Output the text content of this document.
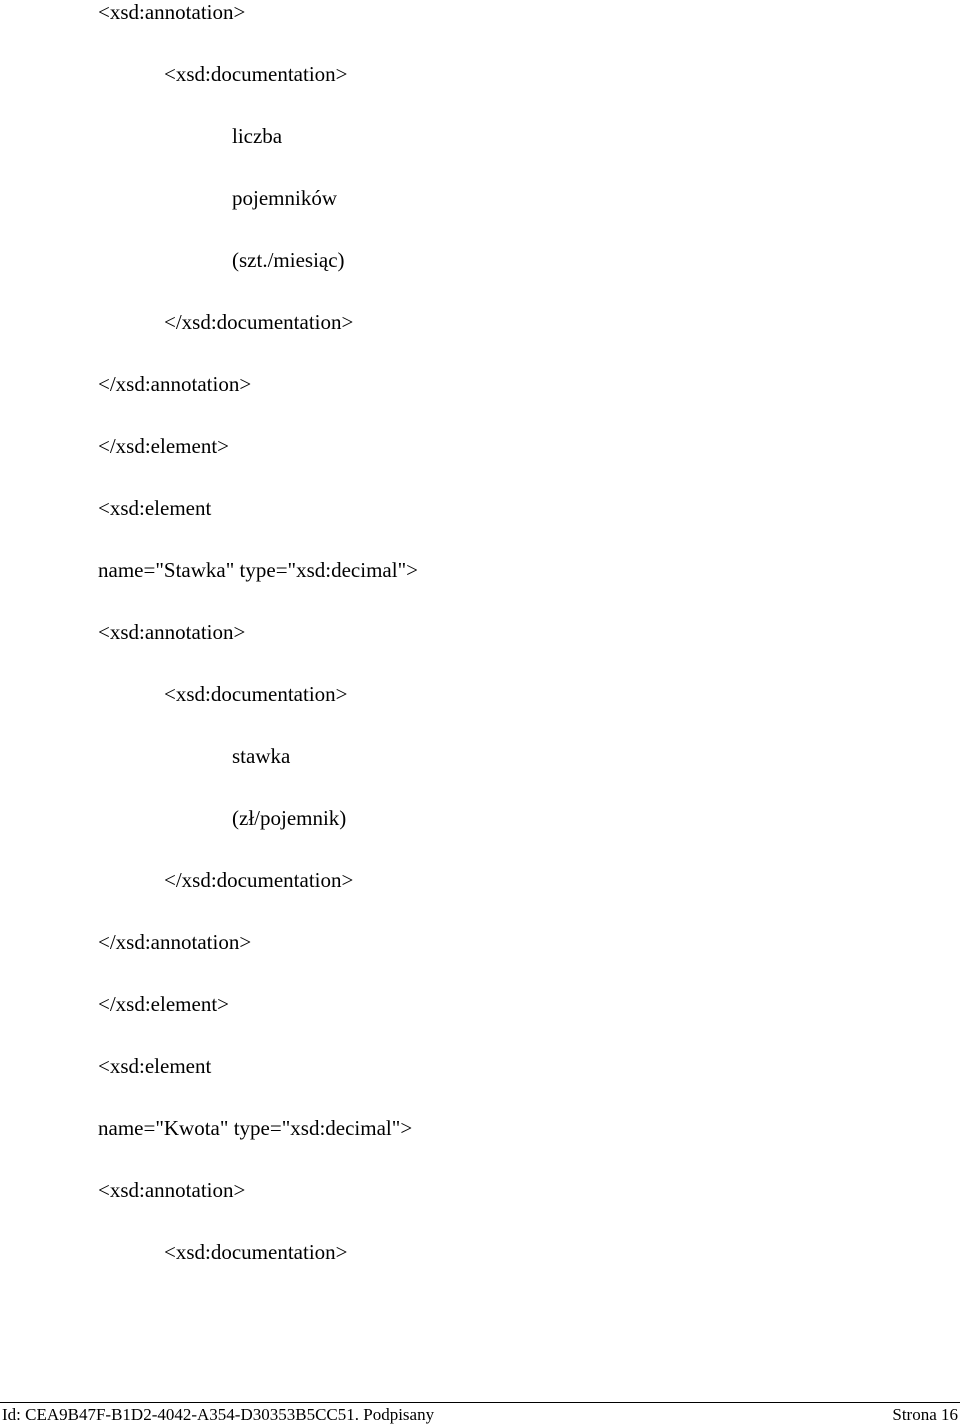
<xsd:annotation>
<xsd:documentation>
liczba
pojemników
(szt./miesiąc)
</xsd:documentation>
</xsd:annotation>
</xsd:element>
<xsd:element
name="Stawka" type="xsd:decimal">
<xsd:annotation>
<xsd:documentation>
stawka
(zł/pojemnik)
</xsd:documentation>
</xsd:annotation>
</xsd:element>
<xsd:element
name="Kwota" type="xsd:decimal">
<xsd:annotation>
<xsd:documentation>
Id: CEA9B47F-B1D2-4042-A354-D30353B5CC51. Podpisany	Strona 16
